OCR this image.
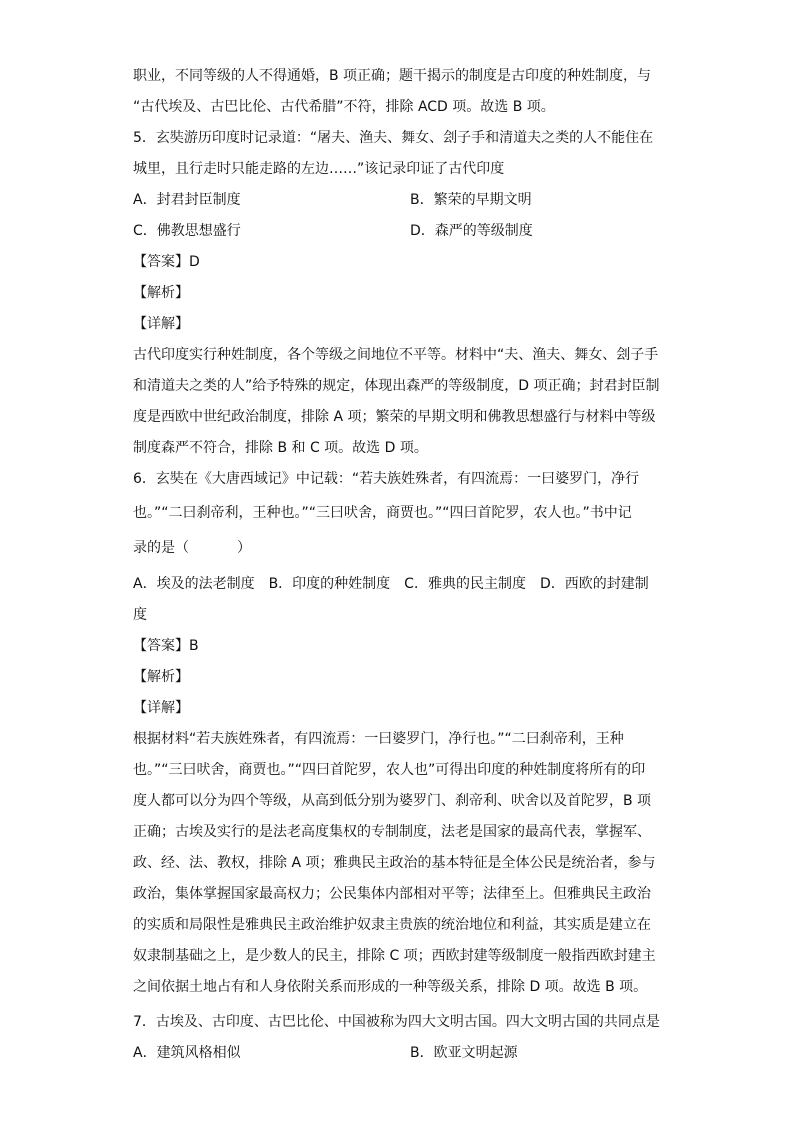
职业，不同等级的人不得通婚，B 项正确；题干揭示的制度是古印度的种姓制度，与
“古代埃及、古巴比伦、古代希腊”不符，排除 ACD 项。故选 B 项。
5．玄奘游历印度时记录道：“屠夫、渔夫、舞女、刽子手和清道夫之类的人不能住在
城里，且行走时只能走路的左边……”该记录印证了古代印度
A．封君封臣制度	B．繁荣的早期文明
C．佛教思想盛行	D．森严的等级制度
【答案】D
【解析】
【详解】
古代印度实行种姓制度，各个等级之间地位不平等。材料中“夫、渔夫、舞女、刽子手
和清道夫之类的人”给予特殊的规定，体现出森严的等级制度，D 项正确；封君封臣制
度是西欧中世纪政治制度，排除 A 项；繁荣的早期文明和佛教思想盛行与材料中等级
制度森严不符合，排除 B 和 C 项。故选 D 项。
6．玄奘在《大唐西域记》中记载：“若夫族姓殊者，有四流焉：一曰婆罗门，净行
也。”“二曰刹帝利，王种也。”“三曰吠舍，商贾也。”“四曰首陀罗，农人也。”书中记
录的是（	）
A．埃及的法老制度　B．印度的种姓制度　C．雅典的民主制度　D．西欧的封建制
度
【答案】B
【解析】
【详解】
根据材料“若夫族姓殊者，有四流焉：一曰婆罗门，净行也。”“二曰刹帝利，王种
也。”“三曰吠舍，商贾也。”“四曰首陀罗，农人也”可得出印度的种姓制度将所有的印
度人都可以分为四个等级，从高到低分别为婆罗门、刹帝利、吠舍以及首陀罗，B 项
正确；古埃及实行的是法老高度集权的专制制度，法老是国家的最高代表，掌握军、
政、经、法、教权，排除 A 项；雅典民主政治的基本特征是全体公民是统治者，参与
政治，集体掌握国家最高权力；公民集体内部相对平等；法律至上。但雅典民主政治
的实质和局限性是雅典民主政治维护奴隶主贵族的统治地位和利益，其实质是建立在
奴隶制基础之上，是少数人的民主，排除 C 项；西欧封建等级制度一般指西欧封建主
之间依据土地占有和人身依附关系而形成的一种等级关系，排除 D 项。故选 B 项。
7．古埃及、古印度、古巴比伦、中国被称为四大文明古国。四大文明古国的共同点是
A．建筑风格相似	B．欧亚文明起源
